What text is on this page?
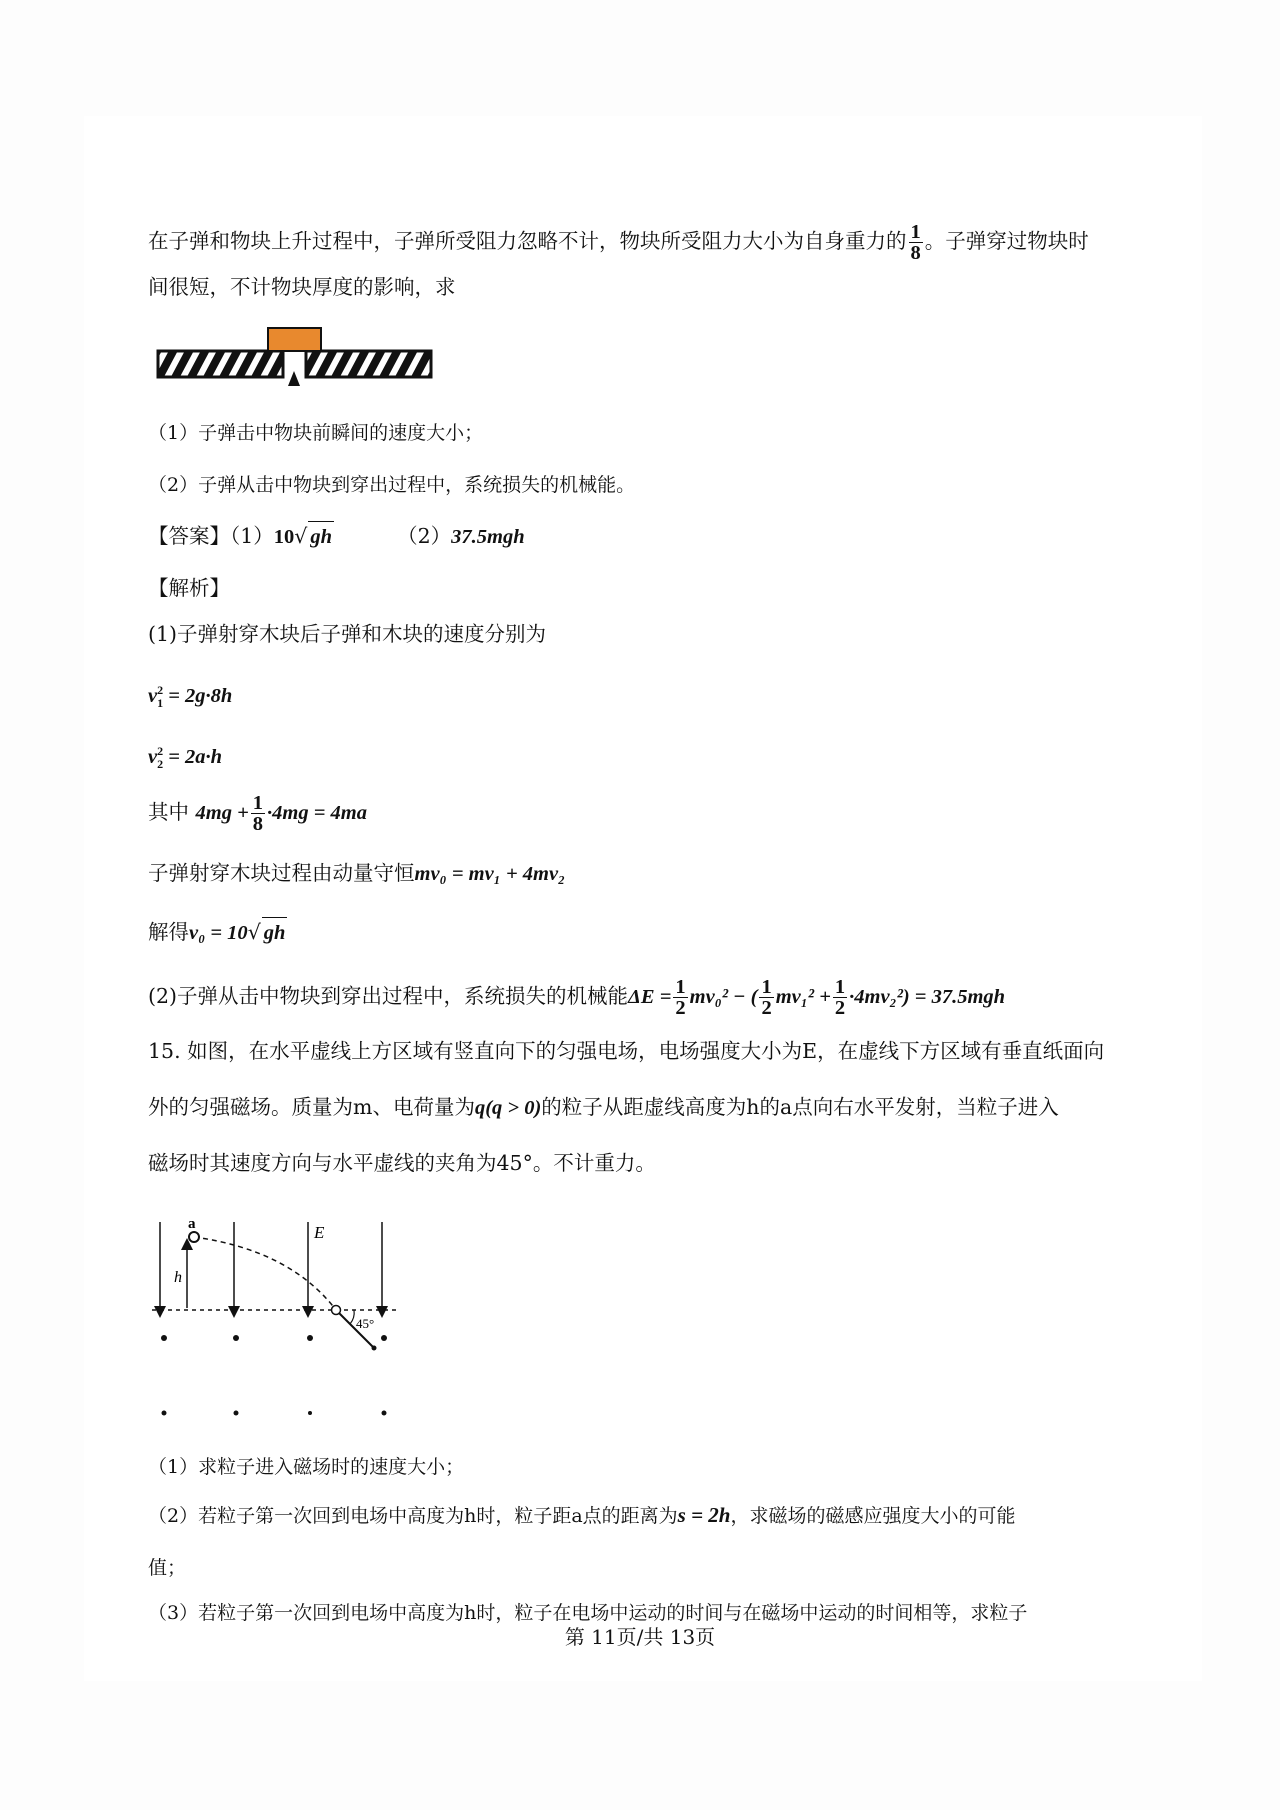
在子弹和物块上升过程中，子弹所受阻力忽略不计，物块所受阻力大小为自身重力的 $\frac{1}{8}$ 。子弹穿过物块时
间很短，不计物块厚度的影响，求
（1）子弹击中物块前瞬间的速度大小；
（2）子弹从击中物块到穿出过程中，系统损失的机械能。
【答案】（1）10√ gh	（2）37.5mgh
【解析】
(1)子弹射穿木块后子弹和木块的速度分别为
$v_1^2 = 2g\cdot 8h$
$v_2^2 = 2a\cdot h$
其中 $4mg + \frac{1}{8} \cdot 4mg = 4ma$
子弹射穿木块过程由动量守恒mv₀ = mv₁ + 4mv₂
解得v₀ = 10√ gh
(2)子弹从击中物块到穿出过程中，系统损失的机械能$\Delta E = \frac{1}{2} mv_0^2$ − ( $\frac{1}{2} mv_1^2 + \frac{1}{2} \cdot 4mv_2^2) = 37.5mgh$
15. 如图，在水平虚线上方区域有竖直向下的匀强电场，电场强度大小为E，在虚线下方区域有垂直纸面向
外的匀强磁场。质量为m、电荷量为q(q > 0)的粒子从距虚线高度为h的a点向右水平发射，当粒子进入
磁场时其速度方向与水平虚线的夹角为45°。不计重力。
a
h
E
45°
（1）求粒子进入磁场时的速度大小；
（2）若粒子第一次回到电场中高度为h时，粒子距a点的距离为s = 2h，求磁场的磁感应强度大小的可能
值；
（3）若粒子第一次回到电场中高度为h时，粒子在电场中运动的时间与在磁场中运动的时间相等，求粒子
第 11页/共 13页
